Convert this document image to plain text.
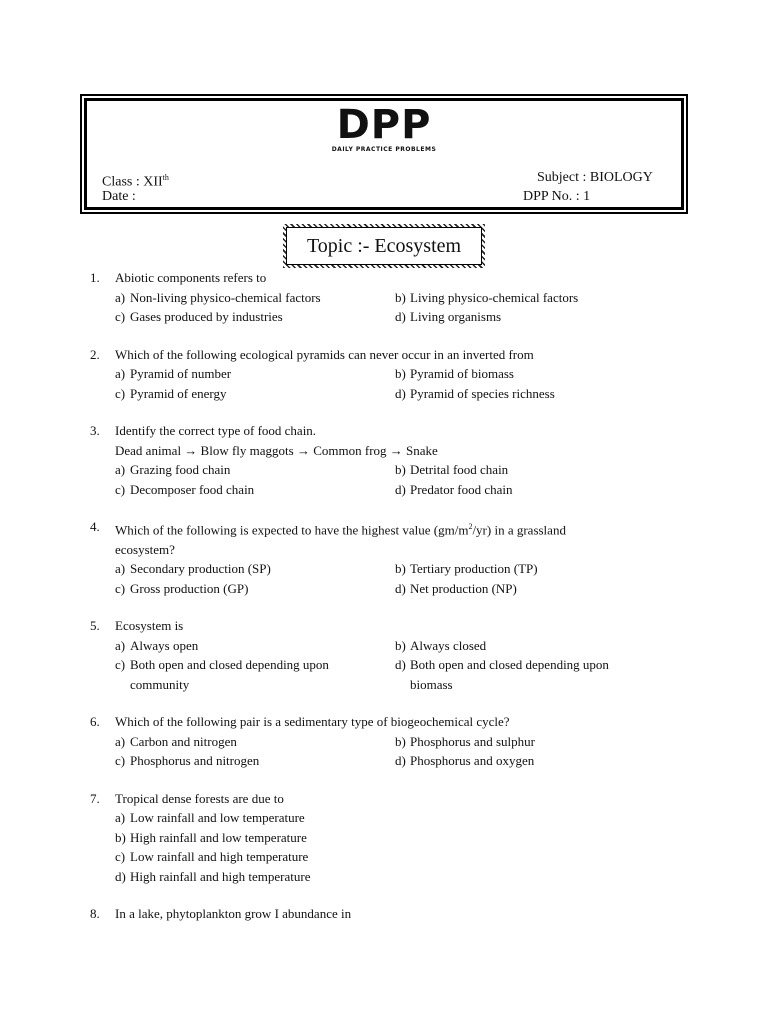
DPP
DAILY PRACTICE PROBLEMS
Class : XIIth
Date :
Subject : BIOLOGY
DPP No. : 1
Topic :- Ecosystem
1.	Abiotic components refers to
a) Non-living physico-chemical factors	b) Living physico-chemical factors
c) Gases produced by industries	d) Living organisms
2.	Which of the following ecological pyramids can never occur in an inverted from
a) Pyramid of number	b) Pyramid of biomass
c) Pyramid of energy	d) Pyramid of species richness
3.	Identify the correct type of food chain.
Dead animal → Blow fly maggots → Common frog → Snake
a) Grazing food chain	b) Detrital food chain
c) Decomposer food chain	d) Predator food chain
4.	Which of the following is expected to have the highest value $(gm/m^2/yr)$ in a grassland
ecosystem?
a) Secondary production (SP)	b) Tertiary production (TP)
c) Gross production (GP)	d) Net production (NP)
5.	Ecosystem is
a) Always open	b) Always closed
c) Both open and closed depending upon	d) Both open and closed depending upon
community	biomass
6.	Which of the following pair is a sedimentary type of biogeochemical cycle?
a) Carbon and nitrogen	b) Phosphorus and sulphur
c) Phosphorus and nitrogen	d) Phosphorus and oxygen
7.	Tropical dense forests are due to
a) Low rainfall and low temperature
b) High rainfall and low temperature
c) Low rainfall and high temperature
d) High rainfall and high temperature
8.	In a lake, phytoplankton grow I abundance in
